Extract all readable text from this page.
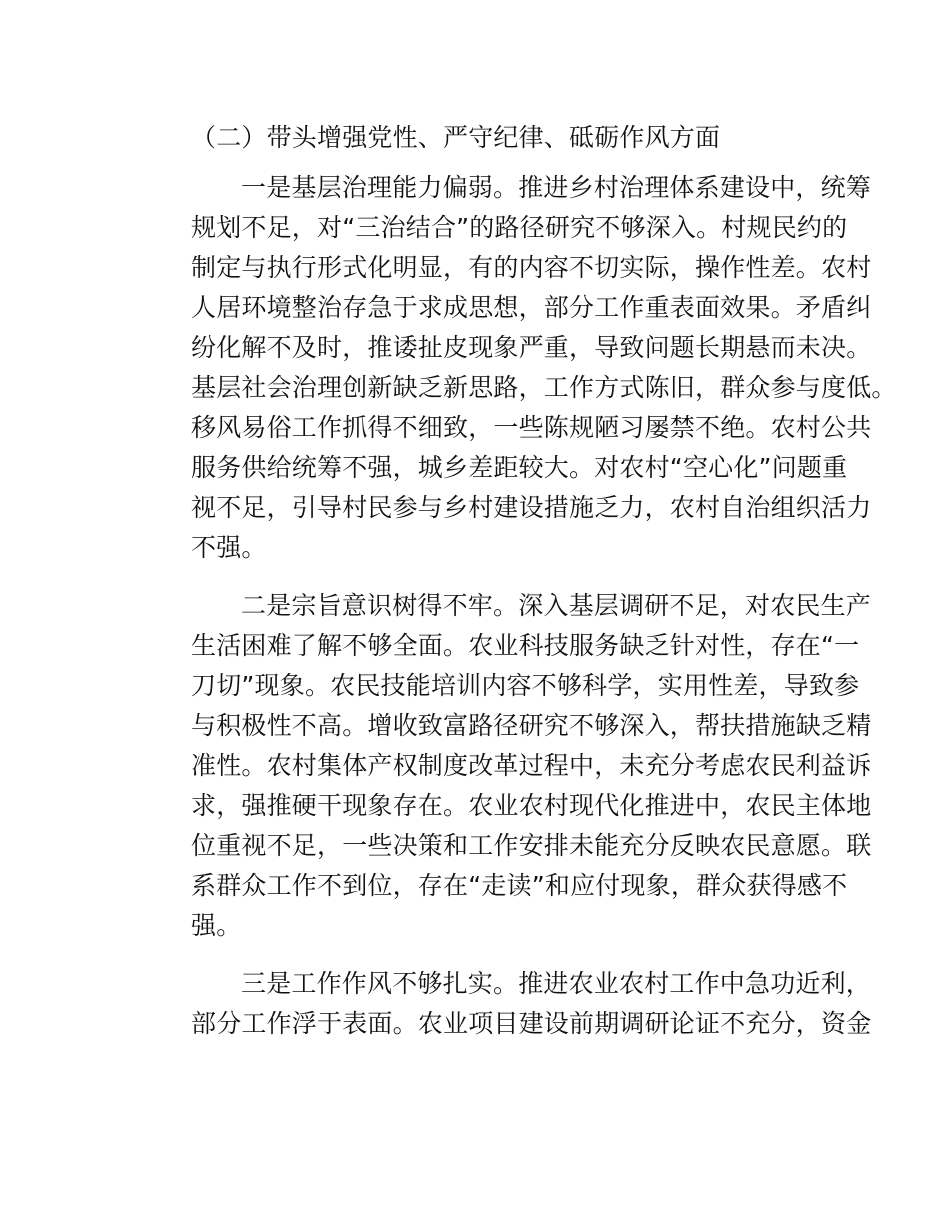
（二）带头增强党性、严守纪律、砥砺作风方面

一是基层治理能力偏弱。推进乡村治理体系建设中，统筹
规划不足，对“三治结合”的路径研究不够深入。村规民约的
制定与执行形式化明显，有的内容不切实际，操作性差。农村
人居环境整治存急于求成思想，部分工作重表面效果。矛盾纠
纷化解不及时，推诿扯皮现象严重，导致问题长期悬而未决。
基层社会治理创新缺乏新思路，工作方式陈旧，群众参与度低。
移风易俗工作抓得不细致，一些陈规陋习屡禁不绝。农村公共
服务供给统筹不强，城乡差距较大。对农村“空心化”问题重
视不足，引导村民参与乡村建设措施乏力，农村自治组织活力
不强。
二是宗旨意识树得不牢。深入基层调研不足，对农民生产
生活困难了解不够全面。农业科技服务缺乏针对性，存在“一
刀切”现象。农民技能培训内容不够科学，实用性差，导致参
与积极性不高。增收致富路径研究不够深入，帮扶措施缺乏精
准性。农村集体产权制度改革过程中，未充分考虑农民利益诉
求，强推硬干现象存在。农业农村现代化推进中，农民主体地
位重视不足，一些决策和工作安排未能充分反映农民意愿。联
系群众工作不到位，存在“走读”和应付现象，群众获得感不
强。
三是工作作风不够扎实。推进农业农村工作中急功近利，
部分工作浮于表面。农业项目建设前期调研论证不充分，资金
